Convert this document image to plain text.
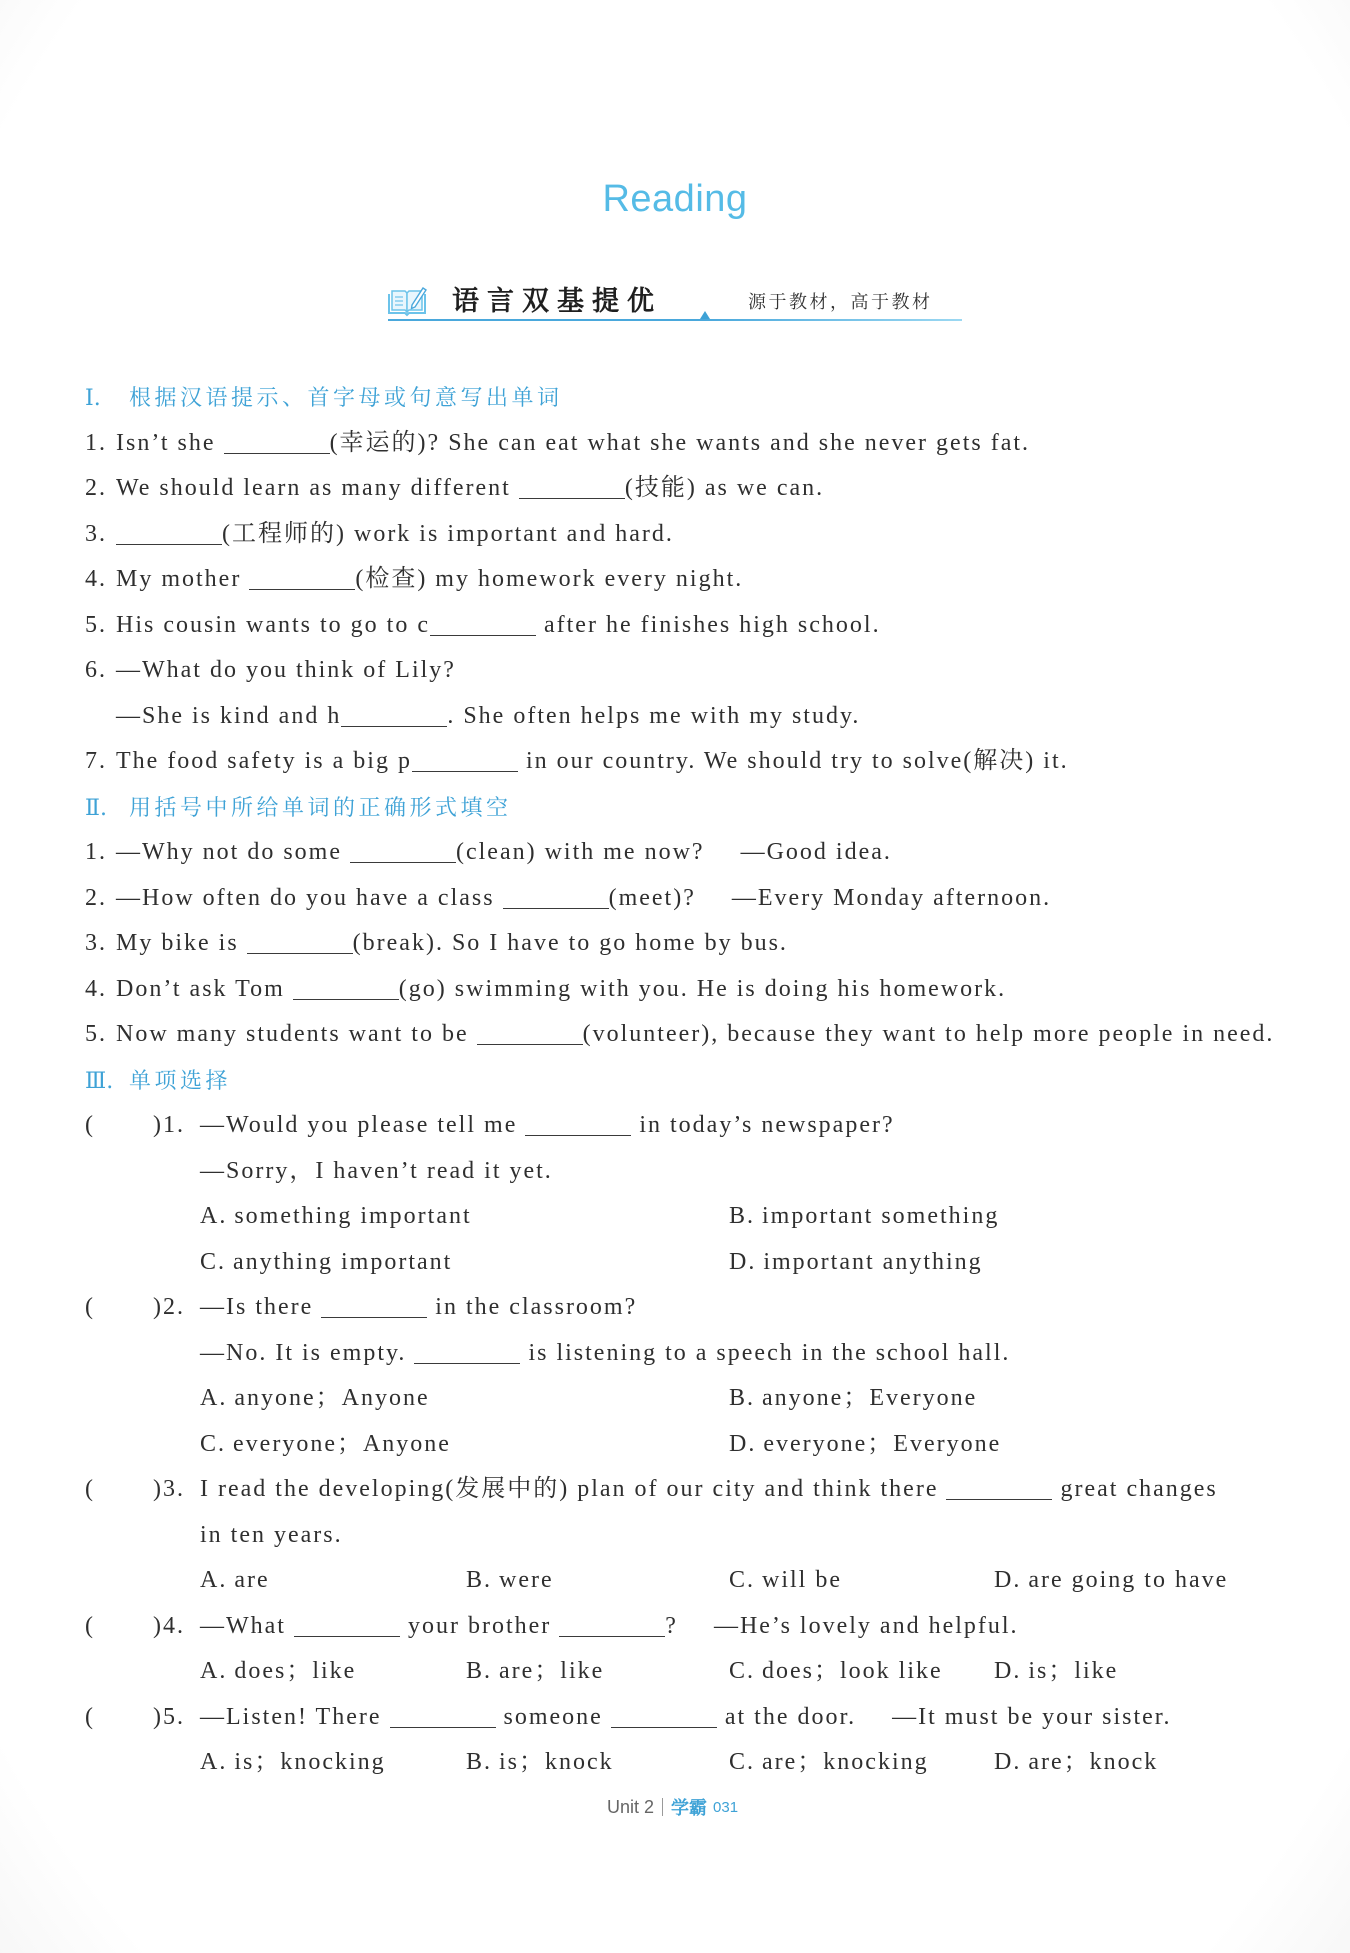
Reading
语言双基提优	源于教材，高于教材
Ⅰ.	根据汉语提示、首字母或句意写出单词
1. Isn’t she	(幸运的)? She can eat what she wants and she never gets fat.
2. We should learn as many different	(技能) as we can.
3.	(工程师的) work is important and hard.
4. My mother	(检查) my homework every night.
5. His cousin wants to go to c	after he finishes high school.
6. —What do you think of Lily?
—She is kind and h	. She often helps me with my study.
7. The food safety is a big p	in our country. We should try to solve(解决) it.
Ⅱ.	用括号中所给单词的正确形式填空
1. —Why not do some	(clean) with me now? —Good idea.
2. —How often do you have a class	(meet)? —Every Monday afternoon.
3. My bike is	(break). So I have to go home by bus.
4. Don’t ask Tom	(go) swimming with you. He is doing his homework.
5. Now many students want to be	(volunteer), because they want to help more people in need.
Ⅲ. 单项选择
( )1. —Would you please tell me	in today’s newspaper?
—Sorry，I haven’t read it yet.
A. something important	B. important something
C. anything important	D. important anything
( )2. —Is there	in the classroom?
—No. It is empty.	is listening to a speech in the school hall.
A. anyone；Anyone	B. anyone；Everyone
C. everyone；Anyone	D. everyone；Everyone
( )3. I read the developing(发展中的) plan of our city and think there	great changes
in ten years.
A. are	B. were	C. will be	D. are going to have
( )4. —What	your brother	? —He’s lovely and helpful.
A. does；like	B. are；like	C. does；look like D. is；like
( )5. —Listen! There	someone	at the door. —It must be your sister.
A. is；knocking	B. is；knock	C. are；knocking	D. are；knock
Unit 2 学霸 031
